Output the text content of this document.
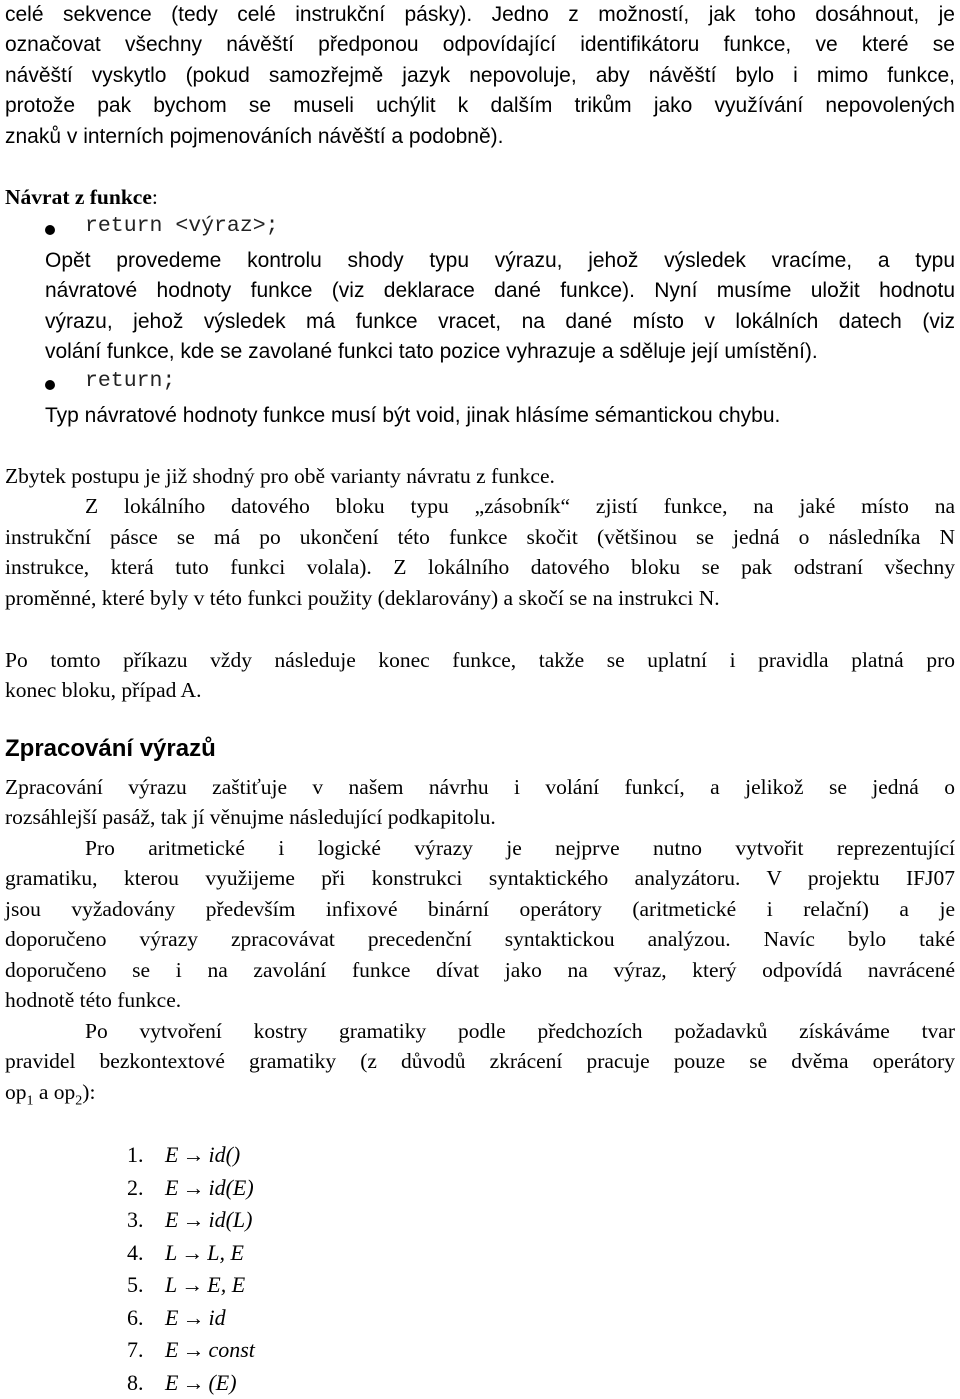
celé sekvence (tedy celé instrukční pásky). Jedno z možností, jak toho dosáhnout, je
označovat všechny návěští předponou odpovídající identifikátoru funkce, ve které se
návěští vyskytlo (pokud samozřejmě jazyk nepovoluje, aby návěští bylo i mimo funkce,
protože pak bychom se museli uchýlit k dalším trikům jako využívání nepovolených
znaků v interních pojmenováních návěští a podobně).
Návrat z funkce:
return <výraz>;
Opět provedeme kontrolu shody typu výrazu, jehož výsledek vracíme, a typu
návratové hodnoty funkce (viz deklarace dané funkce). Nyní musíme uložit hodnotu
výrazu, jehož výsledek má funkce vracet, na dané místo v lokálních datech (viz
volání funkce, kde se zavolané funkci tato pozice vyhrazuje a sděluje její umístění).
return;
Typ návratové hodnoty funkce musí být void, jinak hlásíme sémantickou chybu.
Zbytek postupu je již shodný pro obě varianty návratu z funkce.
Z lokálního datového bloku typu „zásobník“ zjistí funkce, na jaké místo na
instrukční pásce se má po ukončení této funkce skočit (většinou se jedná o následníka N
instrukce, která tuto funkci volala). Z lokálního datového bloku se pak odstraní všechny
proměnné, které byly v této funkci použity (deklarovány) a skočí se na instrukci N.
Po tomto příkazu vždy následuje konec funkce, takže se uplatní i pravidla platná pro
konec bloku, případ A.
Zpracování výrazů
Zpracování výrazu zaštiťuje v našem návrhu i volání funkcí, a jelikož se jedná o
rozsáhlejší pasáž, tak jí věnujme následující podkapitolu.
Pro aritmetické i logické výrazy je nejprve nutno vytvořit reprezentující
gramatiku, kterou využijeme při konstrukci syntaktického analyzátoru. V projektu IFJ07
jsou vyžadovány především infixové binární operátory (aritmetické i relační) a je
doporučeno výrazy zpracovávat precedenční syntaktickou analýzou. Navíc bylo také
doporučeno se i na zavolání funkce dívat jako na výraz, který odpovídá navrácené
hodnotě této funkce.
Po vytvoření kostry gramatiky podle předchozích požadavků získáváme tvar
pravidel bezkontextové gramatiky (z důvodů zkrácení pracuje pouze se dvěma operátory
$op_1$ a $op_2$):
1. E → id()
2. E → id(E)
3. E → id(L)
4. L → L, E
5. L → E, E
6. E → id
7. E → const
8. E → (E)
